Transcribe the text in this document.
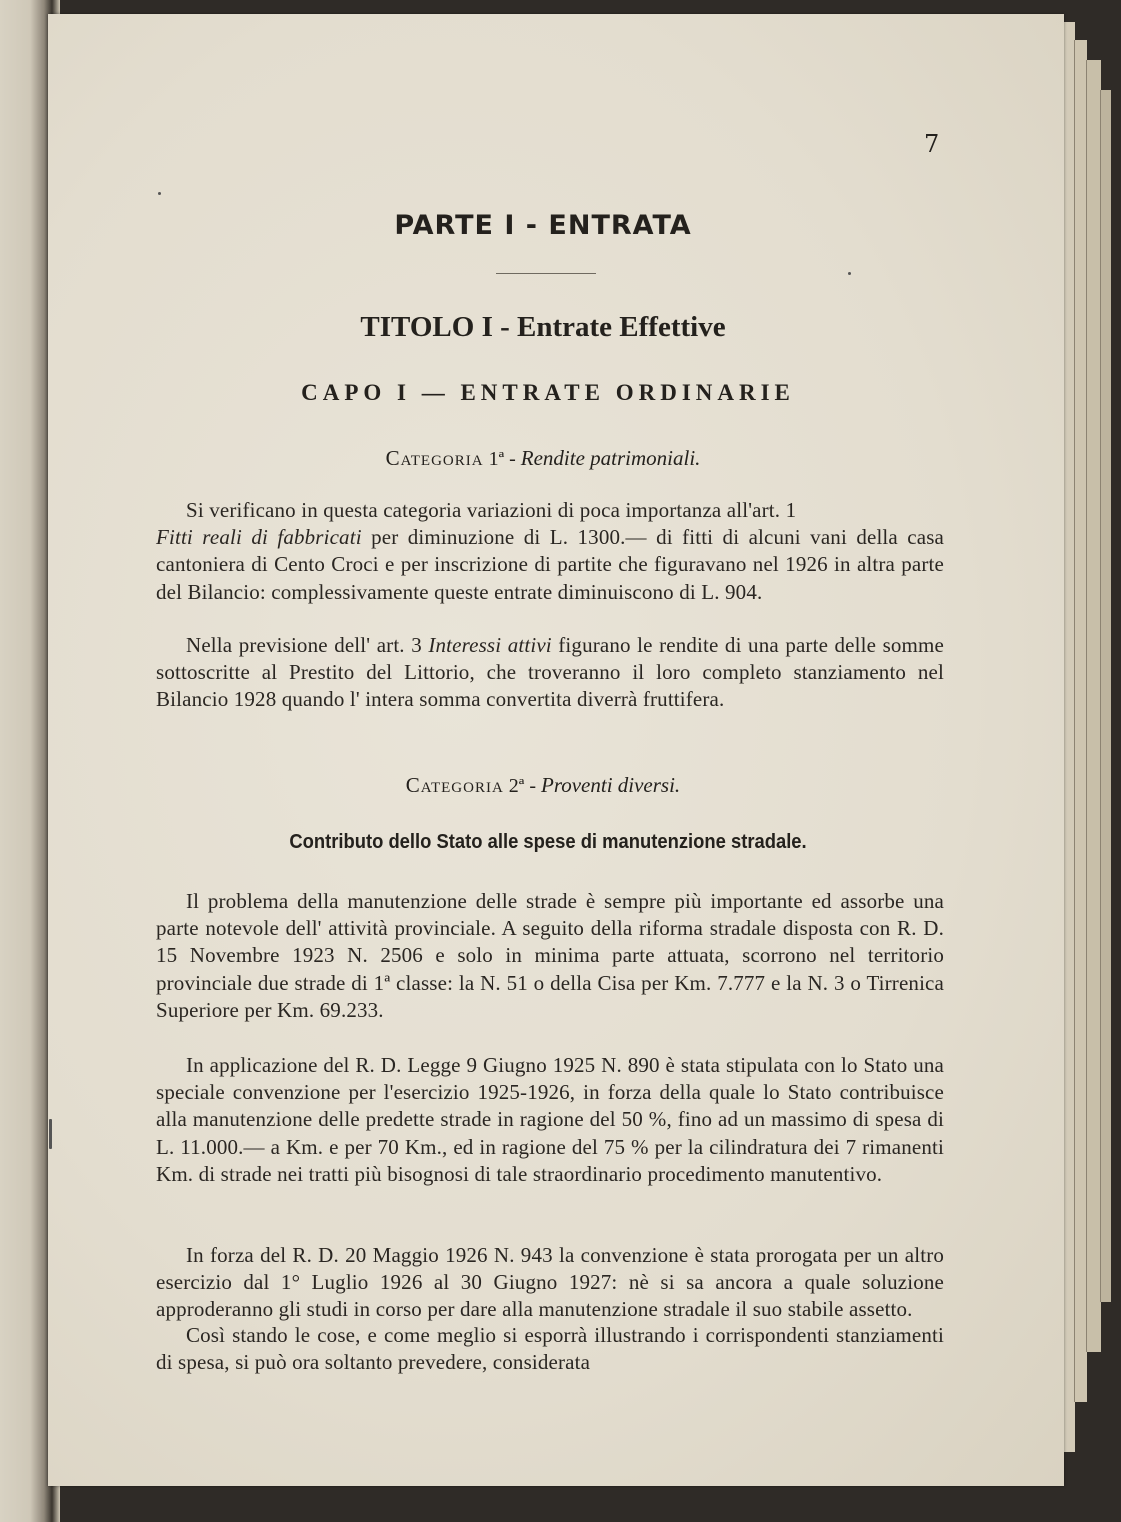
7
PARTE I - ENTRATA
TITOLO I - Entrate Effettive
CAPO I — ENTRATE ORDINARIE
Categoria 1ª - Rendite patrimoniali.

Si verificano in questa categoria variazioni di poca importanza all'art. 1
Fitti reali di fabbricati per diminuzione di L. 1300.— di fitti di alcuni vani della casa cantoniera di Cento Croci e per inscrizione di partite che figuravano nel 1926 in altra parte del Bilancio: complessivamente queste entrate diminuiscono di L. 904.

Nella previsione dell' art. 3 Interessi attivi figurano le rendite di una parte delle somme sottoscritte al Prestito del Littorio, che troveranno il loro completo stanziamento nel Bilancio 1928 quando l' intera somma convertita diverrà fruttifera.

Categoria 2ª - Proventi diversi.
Contributo dello Stato alle spese di manutenzione stradale.

Il problema della manutenzione delle strade è sempre più importante ed assorbe una parte notevole dell' attività provinciale. A seguito della riforma stradale disposta con R. D. 15 Novembre 1923 N. 2506 e solo in minima parte attuata, scorrono nel territorio provinciale due strade di 1ª classe: la N. 51 o della Cisa per Km. 7.777 e la N. 3 o Tirrenica Superiore per Km. 69.233.

In applicazione del R. D. Legge 9 Giugno 1925 N. 890 è stata stipulata con lo Stato una speciale convenzione per l'esercizio 1925-1926, in forza della quale lo Stato contribuisce alla manutenzione delle predette strade in ragione del 50 %, fino ad un massimo di spesa di L. 11.000.— a Km. e per 70 Km., ed in ragione del 75 % per la cilindratura dei 7 rimanenti Km. di strade nei tratti più bisognosi di tale straordinario procedimento manutentivo.

In forza del R. D. 20 Maggio 1926 N. 943 la convenzione è stata prorogata per un altro esercizio dal 1° Luglio 1926 al 30 Giugno 1927: nè si sa ancora a quale soluzione approderanno gli studi in corso per dare alla manutenzione stradale il suo stabile assetto.

Così stando le cose, e come meglio si esporrà illustrando i corrispondenti stanziamenti di spesa, si può ora soltanto prevedere, considerata
